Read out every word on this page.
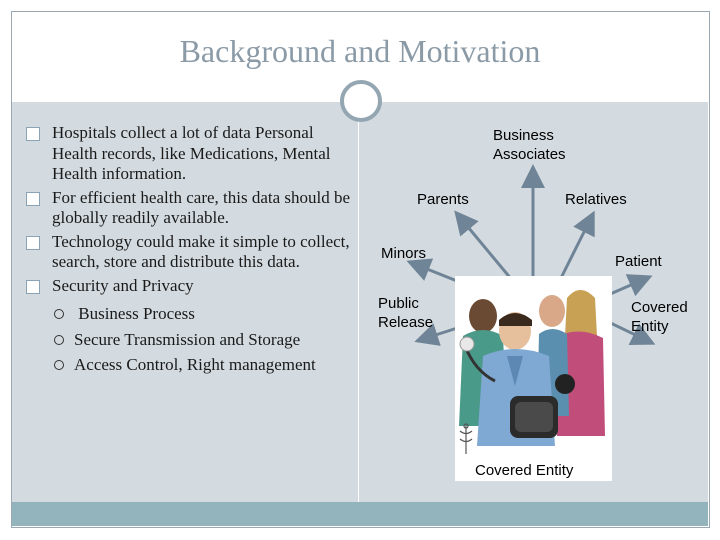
Background and Motivation
Hospitals collect a lot of data Personal Health records, like Medications, Mental Health information.
For efficient health care, this data should be globally readily available.
Technology could make it simple to collect, search, store and distribute this data.
Security and Privacy
Business Process
Secure Transmission and Storage
Access Control, Right management
Business Associates
Parents	Relatives
Minors	Patient
Public Release
Covered Entity
Covered Entity
